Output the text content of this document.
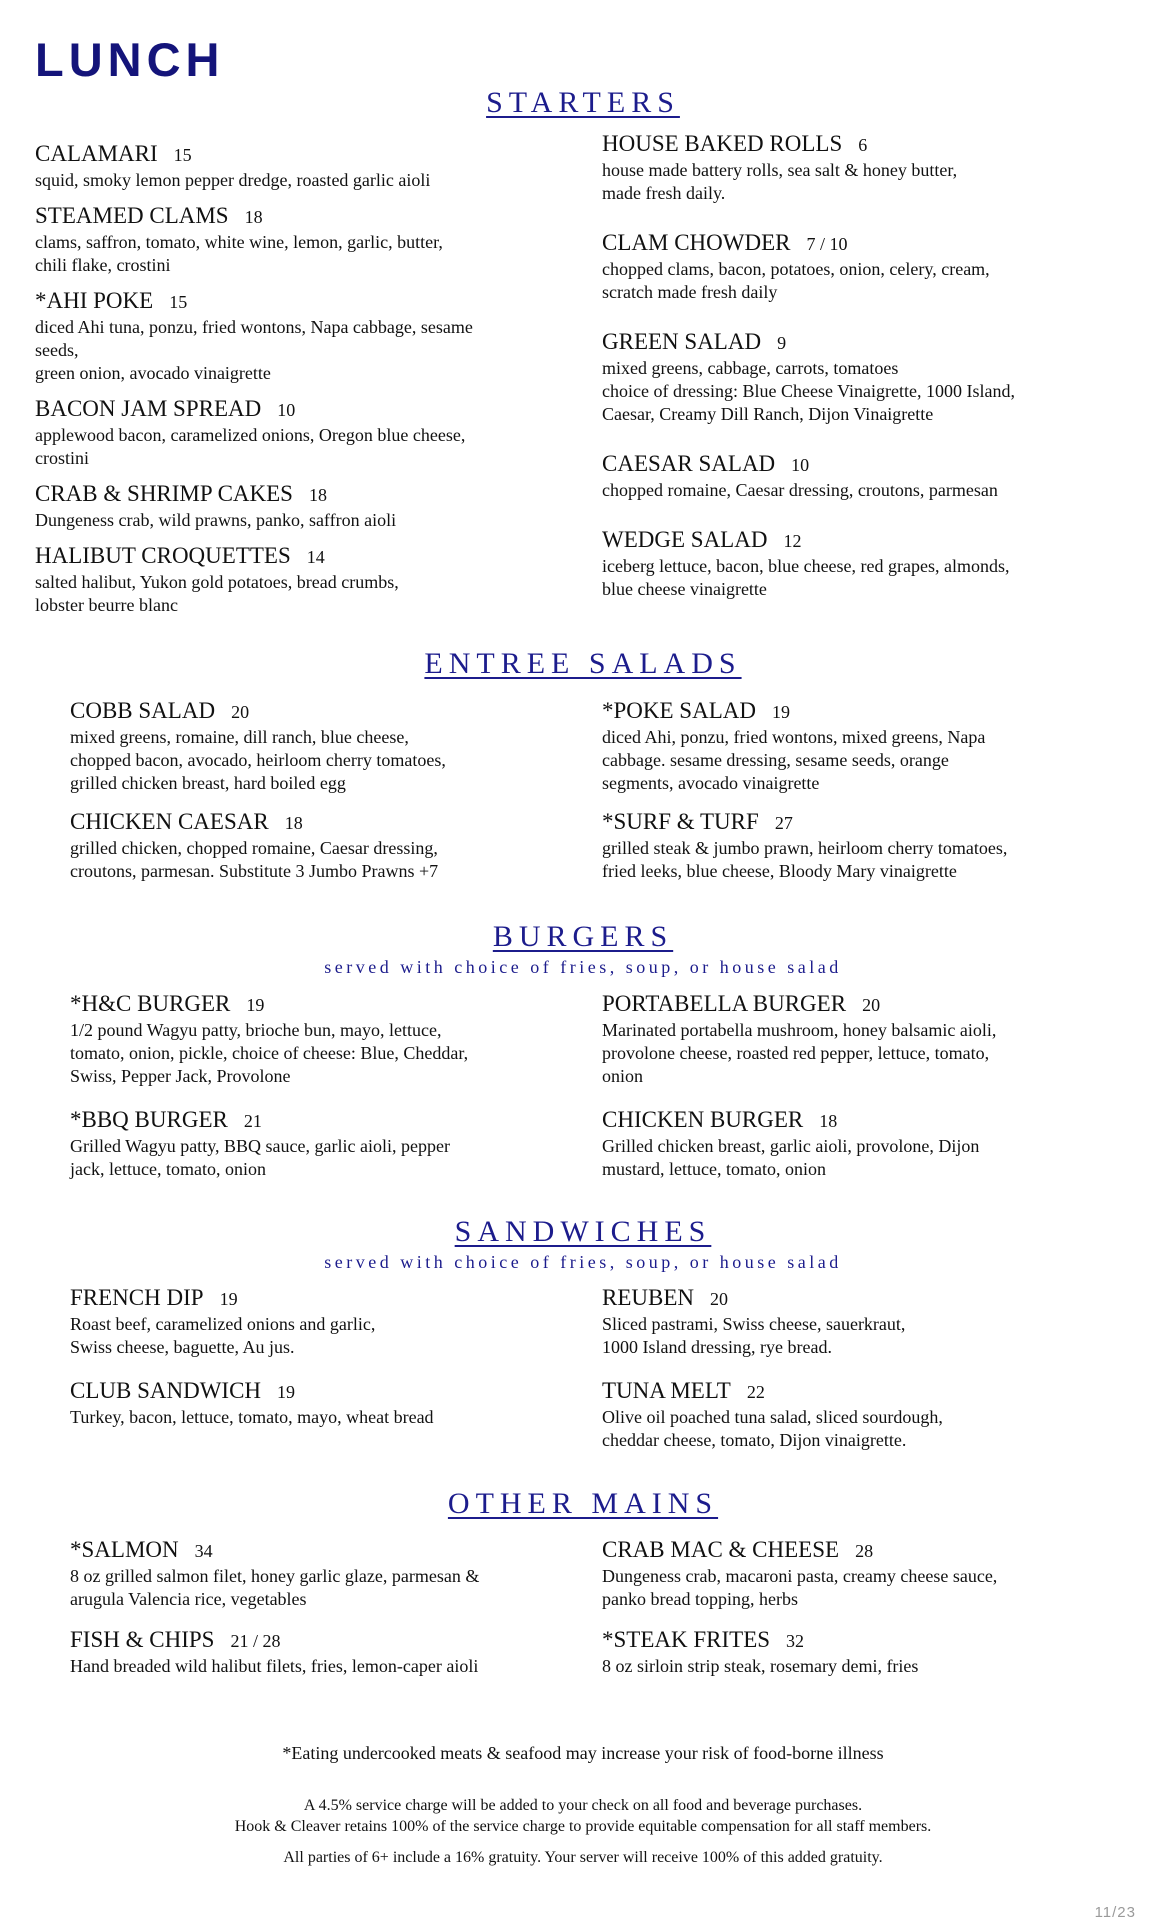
LUNCH
STARTERS
CALAMARI 15
squid, smoky lemon pepper dredge, roasted garlic aioli
STEAMED CLAMS 18
clams, saffron, tomato, white wine, lemon, garlic, butter,
chili flake, crostini
*AHI POKE 15
diced Ahi tuna, ponzu, fried wontons, Napa cabbage, sesame
seeds,
green onion, avocado vinaigrette
BACON JAM SPREAD 10
applewood bacon, caramelized onions, Oregon blue cheese,
crostini
CRAB & SHRIMP CAKES 18
Dungeness crab, wild prawns, panko, saffron aioli
HALIBUT CROQUETTES 14
salted halibut, Yukon gold potatoes, bread crumbs,
lobster beurre blanc
HOUSE BAKED ROLLS 6
house made battery rolls, sea salt & honey butter,
made fresh daily.
CLAM CHOWDER 7 / 10
chopped clams, bacon, potatoes, onion, celery, cream,
scratch made fresh daily
GREEN SALAD 9
mixed greens, cabbage, carrots, tomatoes
choice of dressing: Blue Cheese Vinaigrette, 1000 Island,
Caesar, Creamy Dill Ranch, Dijon Vinaigrette
CAESAR SALAD 10
chopped romaine, Caesar dressing, croutons, parmesan
WEDGE SALAD 12
iceberg lettuce, bacon, blue cheese, red grapes, almonds,
blue cheese vinaigrette
ENTREE SALADS
COBB SALAD 20
mixed greens, romaine, dill ranch, blue cheese,
chopped bacon, avocado, heirloom cherry tomatoes,
grilled chicken breast, hard boiled egg
CHICKEN CAESAR 18
grilled chicken, chopped romaine, Caesar dressing,
croutons, parmesan. Substitute 3 Jumbo Prawns +7
*POKE SALAD 19
diced Ahi, ponzu, fried wontons, mixed greens, Napa
cabbage. sesame dressing, sesame seeds, orange
segments, avocado vinaigrette
*SURF & TURF 27
grilled steak & jumbo prawn, heirloom cherry tomatoes,
fried leeks, blue cheese, Bloody Mary vinaigrette
BURGERS

served with choice of fries, soup, or house salad

*H&C BURGER 19
1/2 pound Wagyu patty, brioche bun, mayo, lettuce,
tomato, onion, pickle, choice of cheese: Blue, Cheddar,
Swiss, Pepper Jack, Provolone
*BBQ BURGER 21
Grilled Wagyu patty, BBQ sauce, garlic aioli, pepper
jack, lettuce, tomato, onion
PORTABELLA BURGER 20
Marinated portabella mushroom, honey balsamic aioli,
provolone cheese, roasted red pepper, lettuce, tomato,
onion
CHICKEN BURGER 18
Grilled chicken breast, garlic aioli, provolone, Dijon
mustard, lettuce, tomato, onion
SANDWICHES

served with choice of fries, soup, or house salad

FRENCH DIP 19
Roast beef, caramelized onions and garlic,
Swiss cheese, baguette, Au jus.
CLUB SANDWICH 19
Turkey, bacon, lettuce, tomato, mayo, wheat bread
REUBEN 20
Sliced pastrami, Swiss cheese, sauerkraut,
1000 Island dressing, rye bread.
TUNA MELT 22
Olive oil poached tuna salad, sliced sourdough,
cheddar cheese, tomato, Dijon vinaigrette.
OTHER MAINS
*SALMON 34
8 oz grilled salmon filet, honey garlic glaze, parmesan &
arugula Valencia rice, vegetables
FISH & CHIPS 21 / 28
Hand breaded wild halibut filets, fries, lemon-caper aioli
CRAB MAC & CHEESE 28
Dungeness crab, macaroni pasta, creamy cheese sauce,
panko bread topping, herbs
*STEAK FRITES 32
8 oz sirloin strip steak, rosemary demi, fries
*Eating undercooked meats & seafood may increase your risk of food-borne illness

A 4.5% service charge will be added to your check on all food and beverage purchases.

Hook & Cleaver retains 100% of the service charge to provide equitable compensation for all staff members.

All parties of 6+ include a 16% gratuity. Your server will receive 100% of this added gratuity.
11/23
